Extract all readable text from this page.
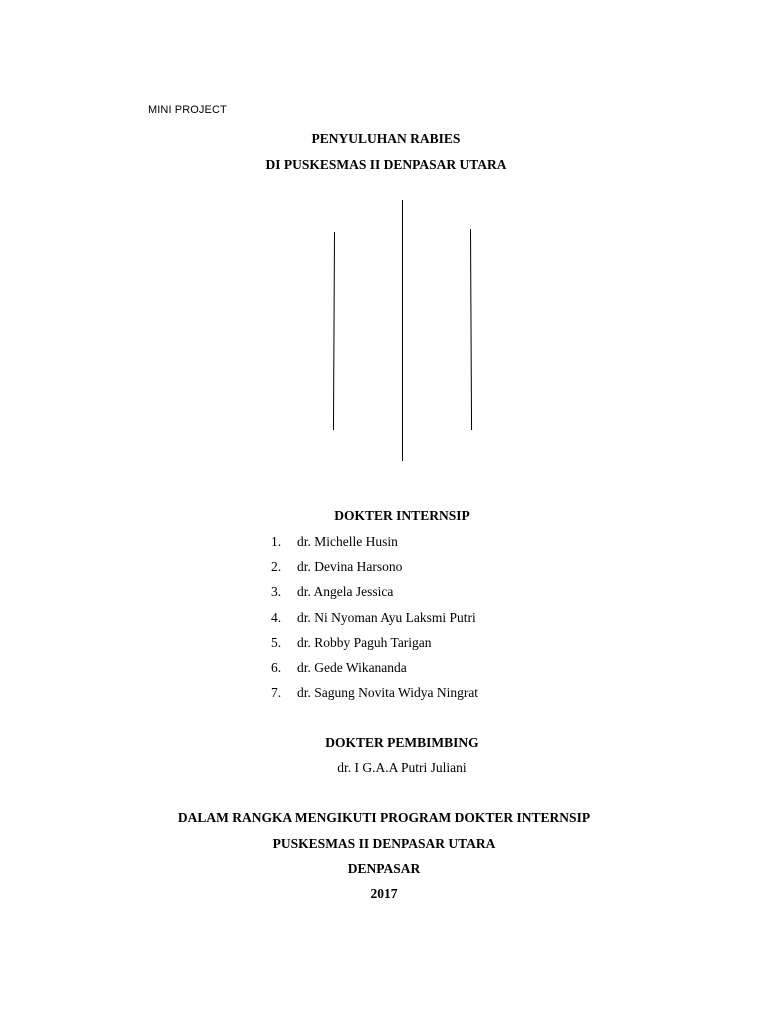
MINI PROJECT
PENYULUHAN RABIES
DI PUSKESMAS II DENPASAR UTARA
DOKTER INTERNSIP
1. dr. Michelle Husin
2. dr. Devina Harsono
3. dr. Angela Jessica
4. dr. Ni Nyoman Ayu Laksmi Putri
5. dr. Robby Paguh Tarigan
6. dr. Gede Wikananda
7. dr. Sagung Novita Widya Ningrat
DOKTER PEMBIMBING
dr. I G.A.A Putri Juliani
DALAM RANGKA MENGIKUTI PROGRAM DOKTER INTERNSIP
PUSKESMAS II DENPASAR UTARA
DENPASAR
2017
